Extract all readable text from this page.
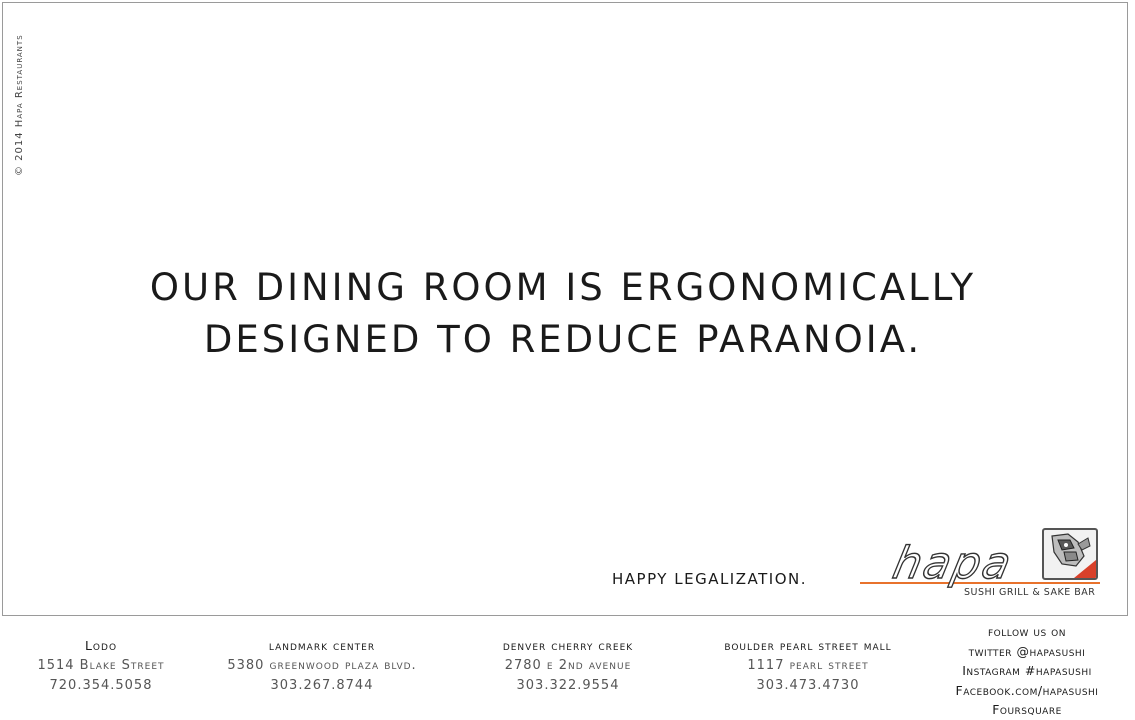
© 2014 Hapa Restaurants
OUR DINING ROOM IS ERGONOMICALLY
DESIGNED TO REDUCE PARANOIA.
HAPPY LEGALIZATION. hapa
SUSHI GRILL & SAKE BAR
Lodo
1514 Blake Street
720.354.5058
landmark center
5380 greenwood plaza blvd.
303.267.8744
denver cherry creek
2780 e 2nd avenue
303.322.9554
boulder pearl street mall
1117 pearl street
303.473.4730
follow us on
twitter @hapasushi
Instagram #hapasushi
Facebook.com/hapasushi
Foursquare
